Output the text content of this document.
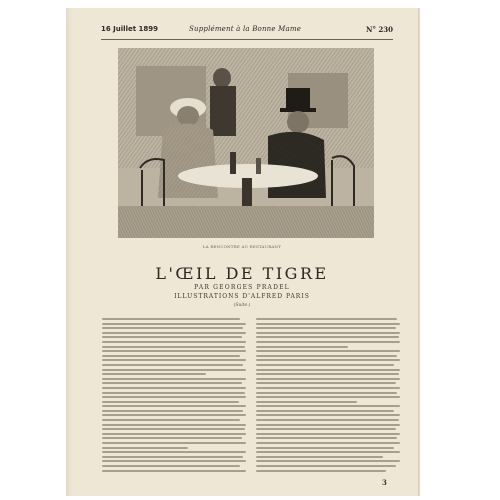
16 Juillet 1899	Supplément à la Bonne Mame	N° 230
LA RENCONTRE AU RESTAURANT
L'ŒIL DE TIGRE
PAR GEORGES PRADEL
ILLUSTRATIONS D'ALFRED PARIS
(Suite.)
3
